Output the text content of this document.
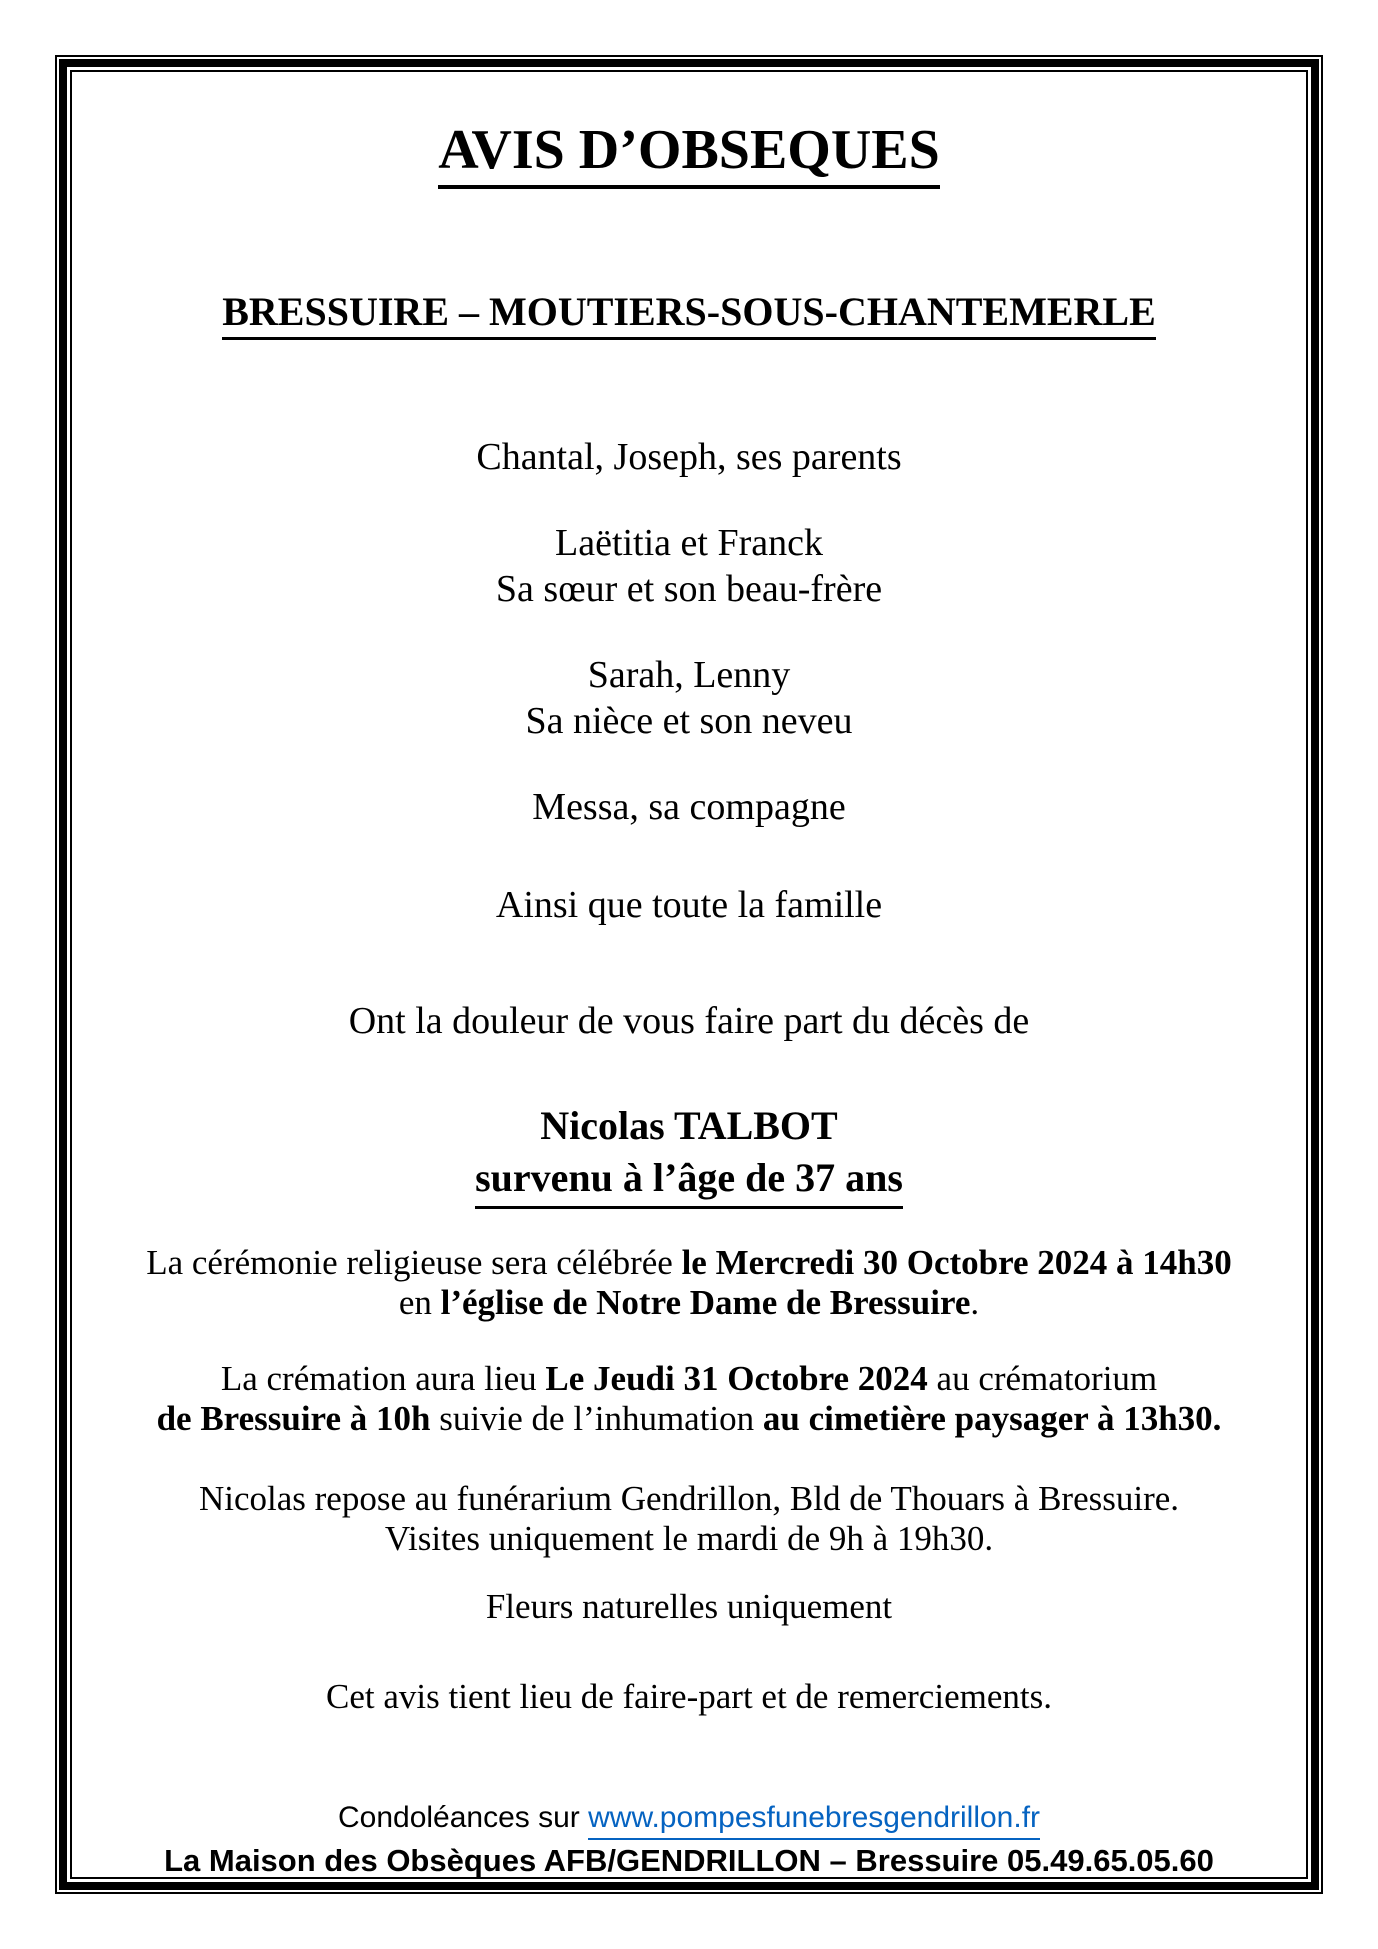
AVIS D’OBSEQUES
BRESSUIRE – MOUTIERS-SOUS-CHANTEMERLE
Chantal, Joseph, ses parents
Laëtitia et Franck
Sa sœur et son beau-frère
Sarah, Lenny
Sa nièce et son neveu
Messa, sa compagne
Ainsi que toute la famille
Ont la douleur de vous faire part du décès de
Nicolas TALBOT
survenu à l’âge de 37 ans
La cérémonie religieuse sera célébrée le Mercredi 30 Octobre 2024 à 14h30
en l’église de Notre Dame de Bressuire.
La crémation aura lieu Le Jeudi 31 Octobre 2024 au crématorium
de Bressuire à 10h suivie de l’inhumation au cimetière paysager à 13h30.
Nicolas repose au funérarium Gendrillon, Bld de Thouars à Bressuire.
Visites uniquement le mardi de 9h à 19h30.
Fleurs naturelles uniquement
Cet avis tient lieu de faire-part et de remerciements.
Condoléances sur www.pompesfunebresgendrillon.fr
La Maison des Obsèques AFB/GENDRILLON – Bressuire 05.49.65.05.60
